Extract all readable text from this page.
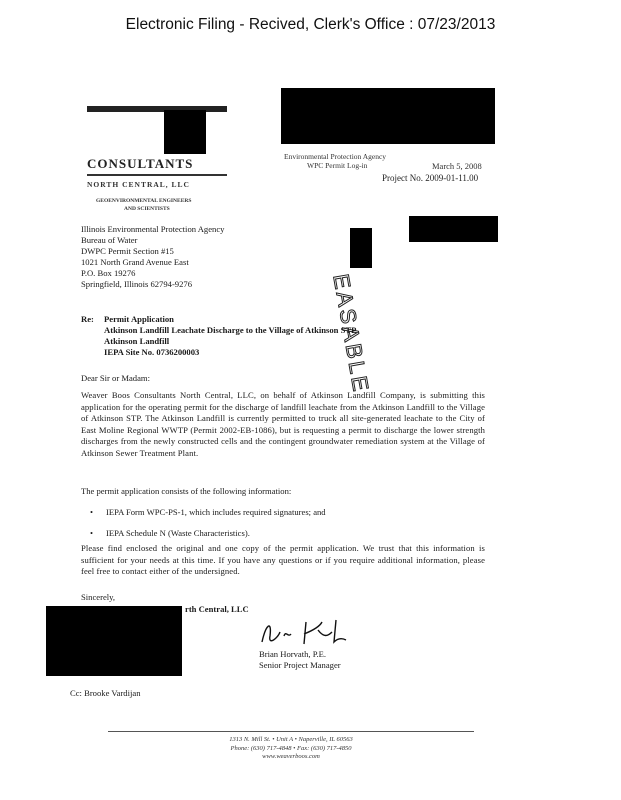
Electronic Filing - Recived, Clerk's Office : 07/23/2013
CONSULTANTS
NORTH CENTRAL, LLC
GEOENVIRONMENTAL ENGINEERS
AND SCIENTISTS
Environmental Protection Agency
WPC Permit Log-in	March 5, 2008
Project No. 2009-01-11.00
EASABLE
Illinois Environmental Protection Agency
Bureau of Water
DWPC Permit Section #15
1021 North Grand Avenue East
P.O. Box 19276
Springfield, Illinois 62794-9276
Re: Permit Application
Atkinson Landfill Leachate Discharge to the Village of Atkinson STP
Atkinson Landfill
IEPA Site No. 0736200003
Dear Sir or Madam:
Weaver Boos Consultants North Central, LLC, on behalf of Atkinson Landfill Company, is submitting this application for the operating permit for the discharge of landfill leachate from the Atkinson Landfill to the Village of Atkinson STP. The Atkinson Landfill is currently permitted to truck all site-generated leachate to the City of East Moline Regional WWTP (Permit 2002-EB-1086), but is requesting a permit to discharge the lower strength discharges from the newly constructed cells and the contingent groundwater remediation system at the Village of Atkinson Sewer Treatment Plant.
The permit application consists of the following information:
• IEPA Form WPC-PS-1, which includes required signatures; and
• IEPA Schedule N (Waste Characteristics).
Please find enclosed the original and one copy of the permit application. We trust that this information is sufficient for your needs at this time. If you have any questions or if you require additional information, please feel free to contact either of the undersigned.
Sincerely,
rth Central, LLC
Brian Horvath, P.E.
Senior Project Manager
Cc: Brooke Vardijan
1313 N. Mill St. • Unit A • Naperville, IL 60563
Phone: (630) 717-4848 • Fax: (630) 717-4850
www.weaverboos.com
